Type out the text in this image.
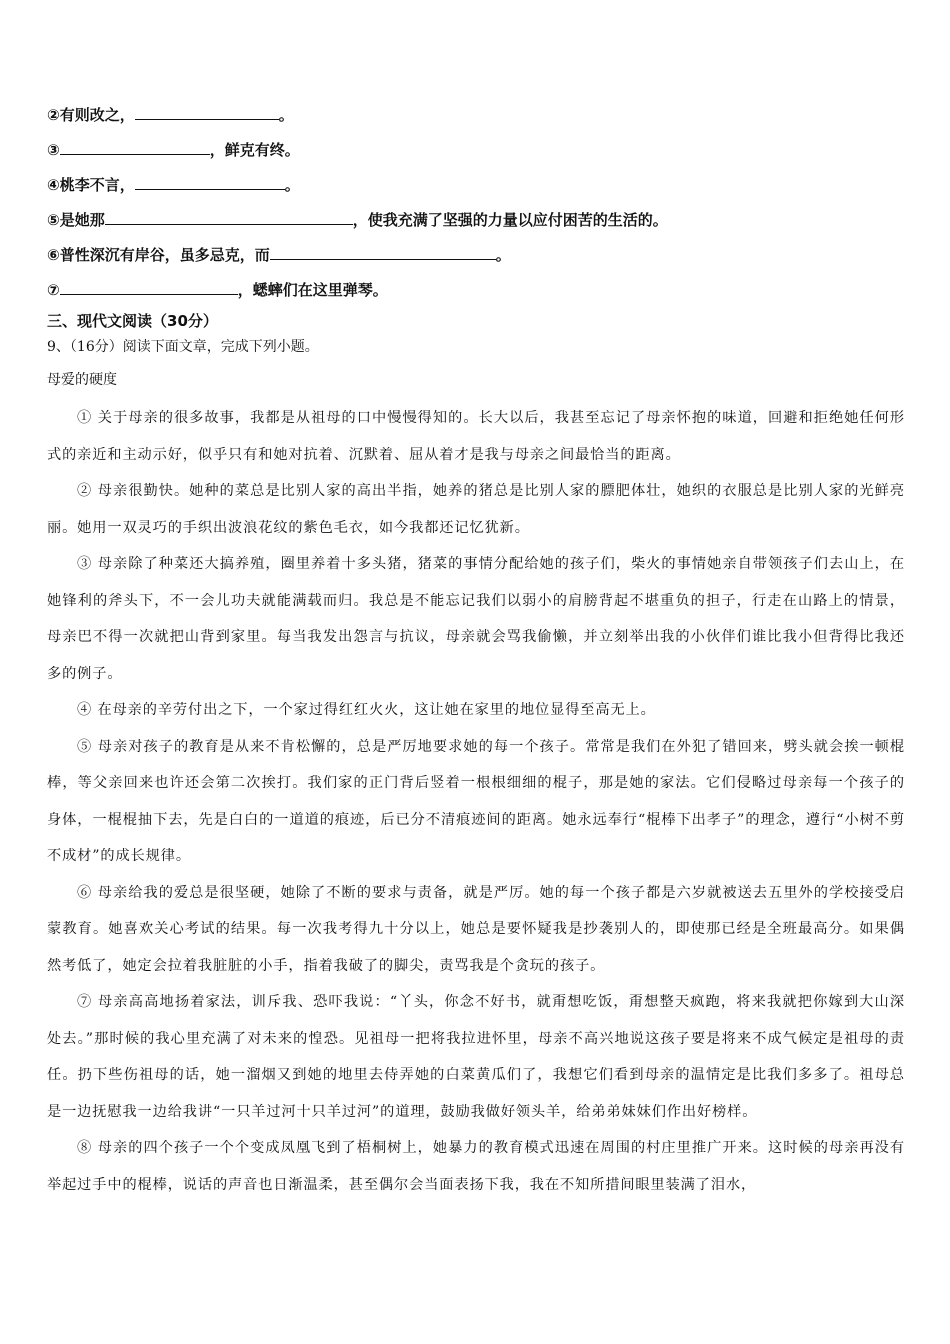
②有则改之，	。
③	，鲜克有终。
④桃李不言，	。
⑤是她那	，使我充满了坚强的力量以应付困苦的生活的。
⑥普性深沉有岸谷，虽多忌克，而	。
⑦	，蟋蟀们在这里弹琴。
三、现代文阅读（30分）
9、（16分）阅读下面文章，完成下列小题。
母爱的硬度

① 关于母亲的很多故事，我都是从祖母的口中慢慢得知的。长大以后，我甚至忘记了母亲怀抱的味道，回避和拒绝她任何形式的亲近和主动示好，似乎只有和她对抗着、沉默着、屈从着才是我与母亲之间最恰当的距离。

② 母亲很勤快。她种的菜总是比别人家的高出半指，她养的猪总是比别人家的膘肥体壮，她织的衣服总是比别人家的光鲜亮丽。她用一双灵巧的手织出波浪花纹的紫色毛衣，如今我都还记忆犹新。

③ 母亲除了种菜还大搞养殖，圈里养着十多头猪，猪菜的事情分配给她的孩子们，柴火的事情她亲自带领孩子们去山上，在她锋利的斧头下，不一会儿功夫就能满载而归。我总是不能忘记我们以弱小的肩膀背起不堪重负的担子，行走在山路上的情景，母亲巴不得一次就把山背到家里。每当我发出怨言与抗议，母亲就会骂我偷懒，并立刻举出我的小伙伴们谁比我小但背得比我还多的例子。

④ 在母亲的辛劳付出之下，一个家过得红红火火，这让她在家里的地位显得至高无上。

⑤ 母亲对孩子的教育是从来不肯松懈的，总是严厉地要求她的每一个孩子。常常是我们在外犯了错回来，劈头就会挨一顿棍棒，等父亲回来也许还会第二次挨打。我们家的正门背后竖着一根根细细的棍子，那是她的家法。它们侵略过母亲每一个孩子的身体，一棍棍抽下去，先是白白的一道道的痕迹，后已分不清痕迹间的距离。她永远奉行“棍棒下出孝子”的理念，遵行“小树不剪不成材”的成长规律。

⑥ 母亲给我的爱总是很坚硬，她除了不断的要求与责备，就是严厉。她的每一个孩子都是六岁就被送去五里外的学校接受启蒙教育。她喜欢关心考试的结果。每一次我考得九十分以上，她总是要怀疑我是抄袭别人的，即使那已经是全班最高分。如果偶然考低了，她定会拉着我脏脏的小手，指着我破了的脚尖，责骂我是个贪玩的孩子。

⑦ 母亲高高地扬着家法，训斥我、恐吓我说：“丫头，你念不好书，就甭想吃饭，甭想整天疯跑，将来我就把你嫁到大山深处去。”那时候的我心里充满了对未来的惶恐。见祖母一把将我拉进怀里，母亲不高兴地说这孩子要是将来不成气候定是祖母的责任。扔下些伤祖母的话，她一溜烟又到她的地里去侍弄她的白菜黄瓜们了，我想它们看到母亲的温情定是比我们多多了。祖母总是一边抚慰我一边给我讲“一只羊过河十只羊过河”的道理，鼓励我做好领头羊，给弟弟妹妹们作出好榜样。

⑧ 母亲的四个孩子一个个变成凤凰飞到了梧桐树上，她暴力的教育模式迅速在周围的村庄里推广开来。这时候的母亲再没有举起过手中的棍棒，说话的声音也日渐温柔，甚至偶尔会当面表扬下我，我在不知所措间眼里装满了泪水，
